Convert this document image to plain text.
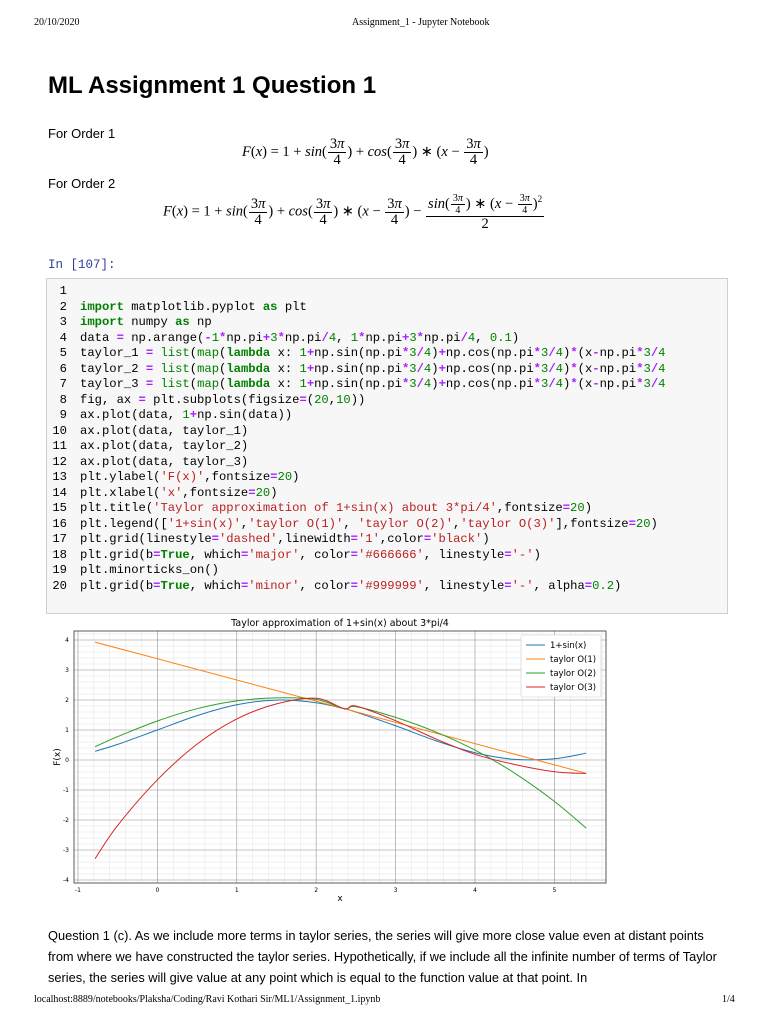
20/10/2020	Assignment_1 - Jupyter Notebook
ML Assignment 1 Question 1
For Order 1
$F(x) = 1 + \sin( \frac{3\pi}{4}$ ) + $\cos( \frac{3\pi}{4}$ ) ∗ ($x - \frac{3\pi}{4}$ )
For Order 2
$F(x) = 1 + \sin( \frac{3\pi}{4}$ ) + $\cos( \frac{3\pi}{4}$ ) ∗ ($x - \frac{3\pi}{4}$ ) − $\frac{\sin( \frac{3\pi}{4} ) ∗ (x - \frac{3\pi}{4} )^2}{2}$
In [107]:
1
2 import matplotlib.pyplot as plt
3 import numpy as np
4 data = np.arange(-1*np.pi+3*np.pi/4, 1*np.pi+3*np.pi/4, 0.1)
5 taylor_1 = list(map(lambda x: 1+np.sin(np.pi*3/4)+np.cos(np.pi*3/4)*(x-np.pi*3/4
6 taylor_2 = list(map(lambda x: 1+np.sin(np.pi*3/4)+np.cos(np.pi*3/4)*(x-np.pi*3/4
7 taylor_3 = list(map(lambda x: 1+np.sin(np.pi*3/4)+np.cos(np.pi*3/4)*(x-np.pi*3/4
8 fig, ax = plt.subplots(figsize=(20,10))
9 ax.plot(data, 1+np.sin(data))
10 ax.plot(data, taylor_1)
11 ax.plot(data, taylor_2)
12 ax.plot(data, taylor_3)
13 plt.ylabel('F(x)',fontsize=20)
14 plt.xlabel('x',fontsize=20)
15 plt.title('Taylor approximation of 1+sin(x) about 3*pi/4',fontsize=20)
16 plt.legend(['1+sin(x)','taylor O(1)', 'taylor O(2)','taylor O(3)'],fontsize=20)
17 plt.grid(linestyle='dashed',linewidth='1',color='black')
18 plt.grid(b=True, which='major', color='#666666', linestyle='-')
19 plt.minorticks_on()
20 plt.grid(b=True, which='minor', color='#999999', linestyle='-', alpha=0.2)
-1	0	1	2	3	4	5
-4
-3
-2
-1
0
1
2
3
4
x
F(x)
Taylor approximation of 1+sin(x) about 3*pi/4
1+sin(x)
taylor O(1)
taylor O(2)
taylor O(3)
Question 1 (c). As we include more terms in taylor series, the series will give more close value even at distant points from where we have constructed the taylor series. Hypothetically, if we include all the infinite number of terms of Taylor series, the series will give value at any point which is equal to the function value at that point. In
localhost:8889/notebooks/Plaksha/Coding/Ravi Kothari Sir/ML1/Assignment_1.ipynb	1/4
